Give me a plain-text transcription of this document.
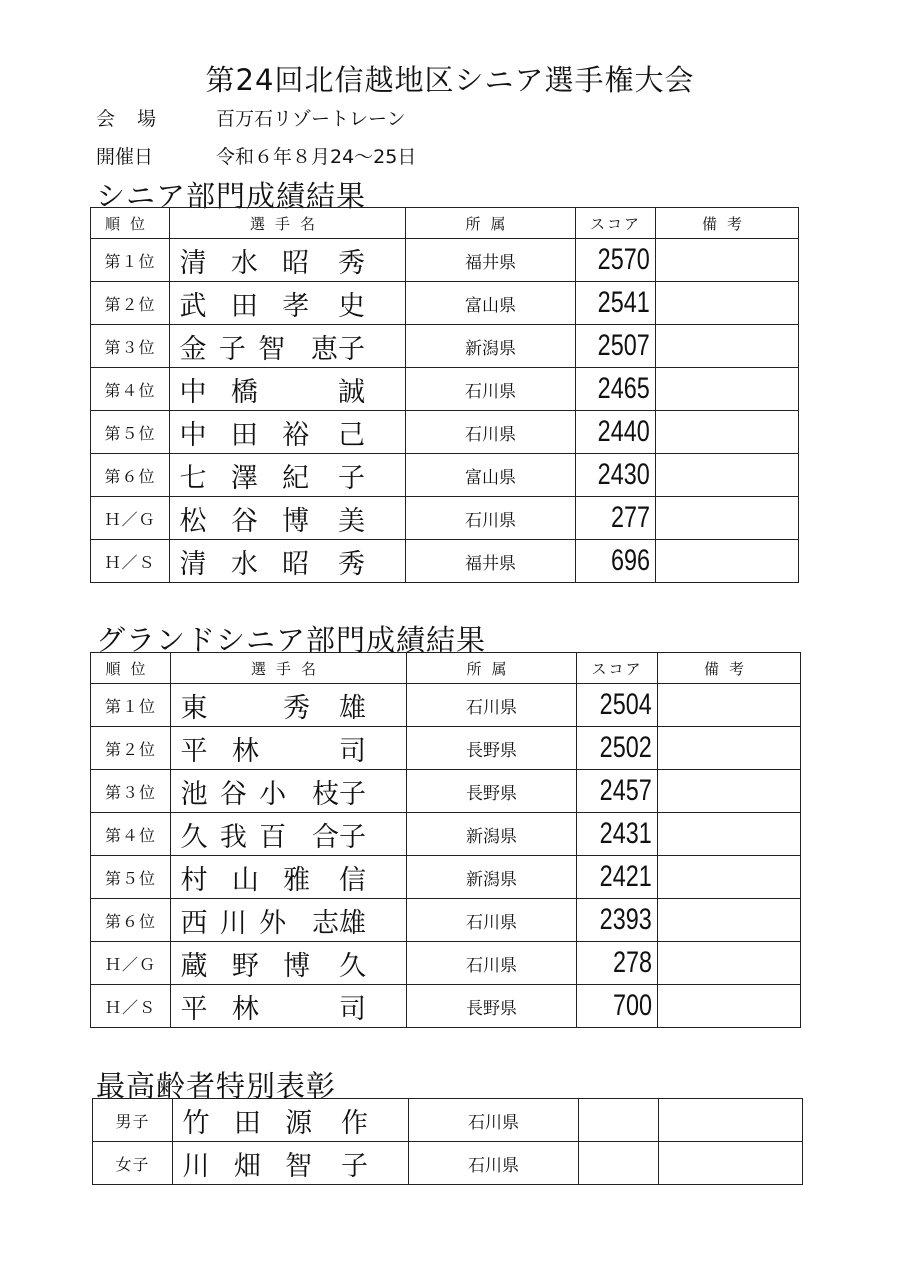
第24回北信越地区シニア選手権大会
会場 百万石リゾートレーン
開催日	令和６年８月24～25日
シニア部門成績結果
順位	選手名	所属	スコア	備考
第１位	清 水 昭 秀	福井県	2570	
第２位	武 田 孝 史	富山県	2541	
第３位	金 子 智 恵子	新潟県	2507	
第４位	中 橋 誠	石川県	2465	
第５位	中 田 裕 己	石川県	2440	
第６位	七 澤 紀 子	富山県	2430	
Ｈ／Ｇ	松 谷 博 美	石川県	277	
Ｈ／Ｓ	清 水 昭 秀	福井県	696	
グランドシニア部門成績結果
順位	選手名	所属	スコア	備考
第１位	東 秀 雄	石川県	2504	
第２位	平 林 司	長野県	2502	
第３位	池 谷 小 枝子	長野県	2457	
第４位	久 我 百 合子	新潟県	2431	
第５位	村 山 雅 信	新潟県	2421	
第６位	西 川 外 志雄	石川県	2393	
Ｈ／Ｇ	蔵 野 博 久	石川県	278	
Ｈ／Ｓ	平 林 司	長野県	700	
最高齢者特別表彰
男子	竹 田 源 作	石川県		
女子	川 畑 智 子	石川県		
